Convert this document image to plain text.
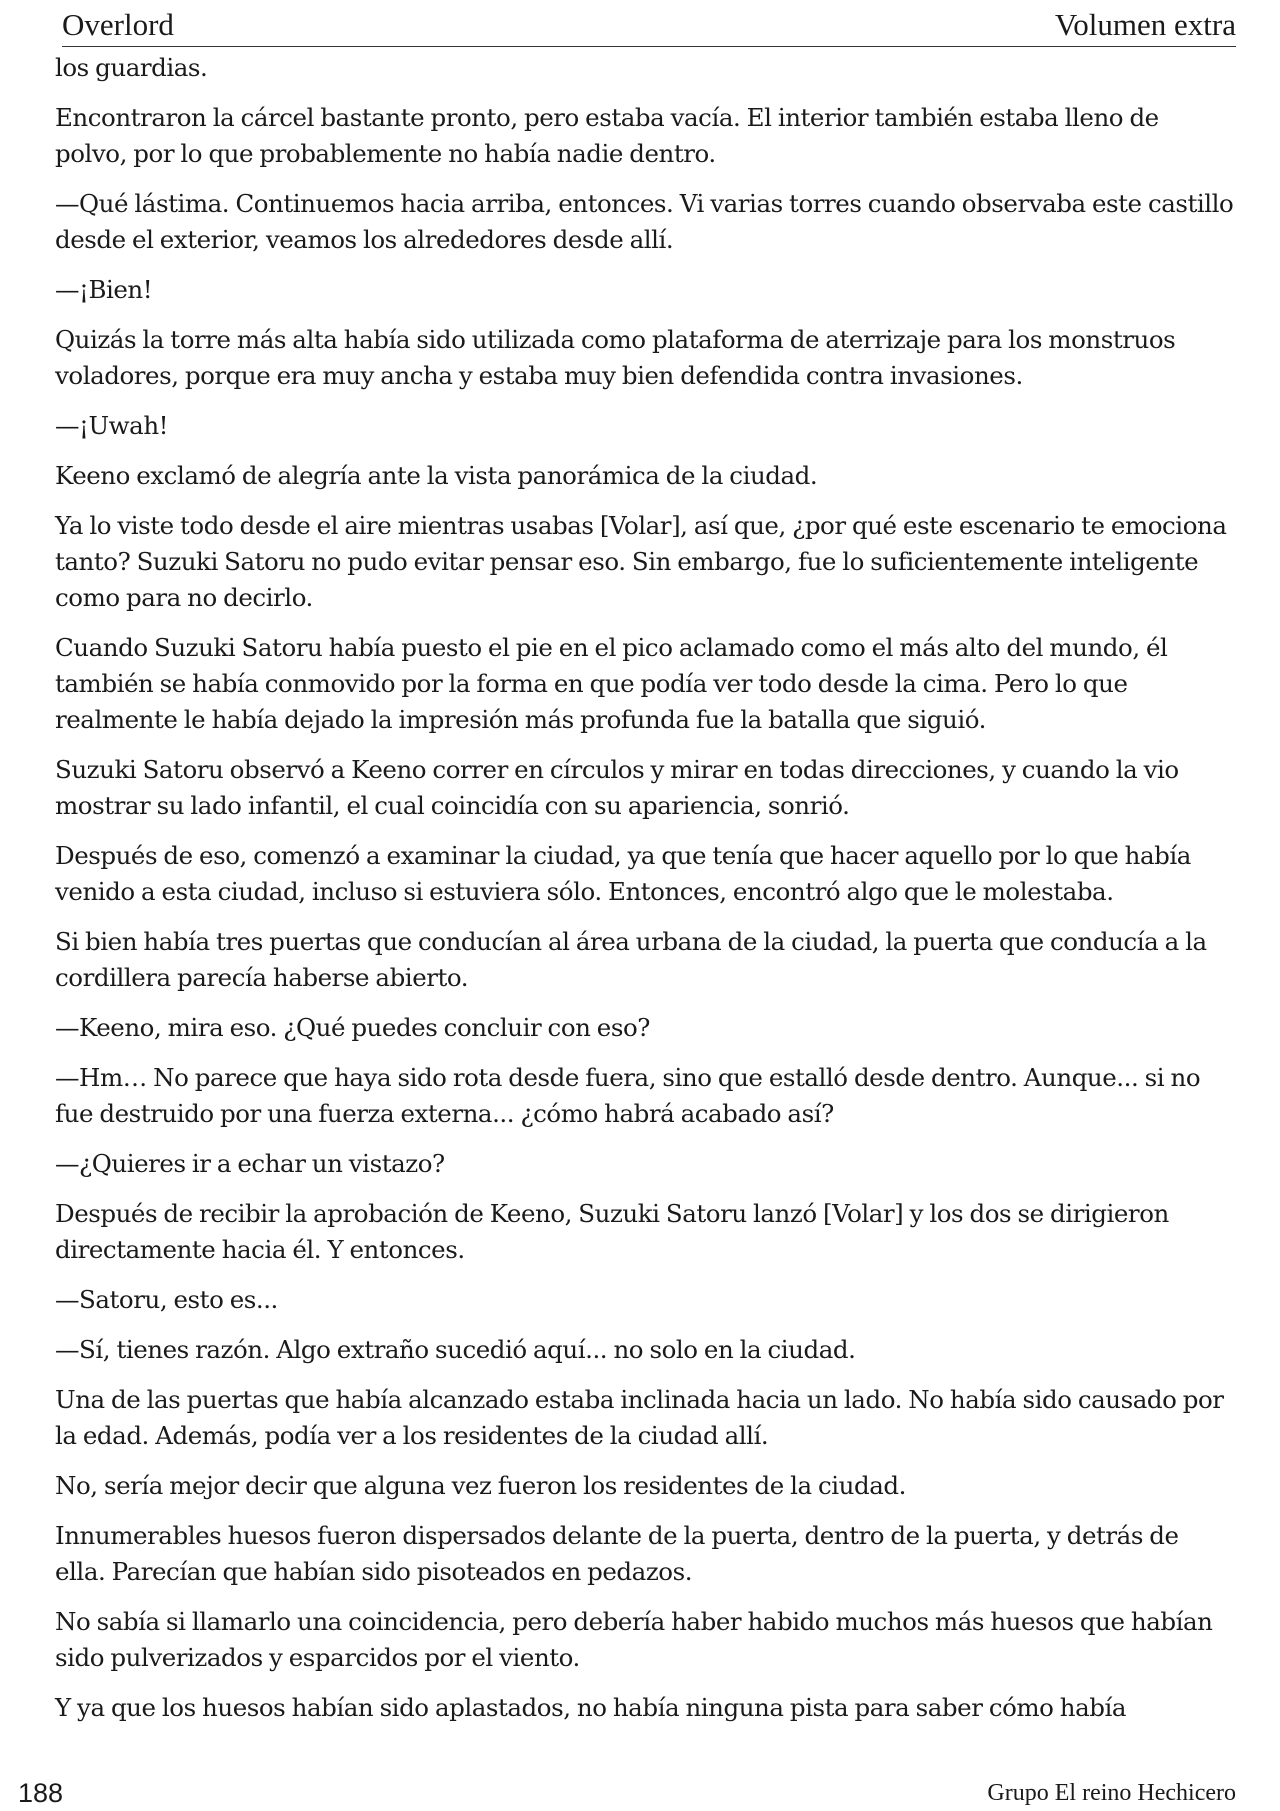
Overlord	Volumen extra

los guardias.

Encontraron la cárcel bastante pronto, pero estaba vacía. El interior también estaba lleno de polvo, por lo que probablemente no había nadie dentro.

—Qué lástima. Continuemos hacia arriba, entonces. Vi varias torres cuando observaba este castillo desde el exterior, veamos los alrededores desde allí.

—¡Bien!

Quizás la torre más alta había sido utilizada como plataforma de aterrizaje para los monstruos voladores, porque era muy ancha y estaba muy bien defendida contra invasiones.

—¡Uwah!

Keeno exclamó de alegría ante la vista panorámica de la ciudad.

Ya lo viste todo desde el aire mientras usabas [Volar], así que, ¿por qué este escenario te emociona tanto? Suzuki Satoru no pudo evitar pensar eso. Sin embargo, fue lo suficientemente inteligente como para no decirlo.

Cuando Suzuki Satoru había puesto el pie en el pico aclamado como el más alto del mundo, él también se había conmovido por la forma en que podía ver todo desde la cima. Pero lo que realmente le había dejado la impresión más profunda fue la batalla que siguió.

Suzuki Satoru observó a Keeno correr en círculos y mirar en todas direcciones, y cuando la vio mostrar su lado infantil, el cual coincidía con su apariencia, sonrió.

Después de eso, comenzó a examinar la ciudad, ya que tenía que hacer aquello por lo que había venido a esta ciudad, incluso si estuviera sólo. Entonces, encontró algo que le molestaba.

Si bien había tres puertas que conducían al área urbana de la ciudad, la puerta que conducía a la cordillera parecía haberse abierto.

—Keeno, mira eso. ¿Qué puedes concluir con eso?

—Hm… No parece que haya sido rota desde fuera, sino que estalló desde dentro. Aunque... si no fue destruido por una fuerza externa... ¿cómo habrá acabado así?

—¿Quieres ir a echar un vistazo?

Después de recibir la aprobación de Keeno, Suzuki Satoru lanzó [Volar] y los dos se dirigieron directamente hacia él. Y entonces.

—Satoru, esto es...

—Sí, tienes razón. Algo extraño sucedió aquí... no solo en la ciudad.

Una de las puertas que había alcanzado estaba inclinada hacia un lado. No había sido causado por la edad. Además, podía ver a los residentes de la ciudad allí.

No, sería mejor decir que alguna vez fueron los residentes de la ciudad.

Innumerables huesos fueron dispersados delante de la puerta, dentro de la puerta, y detrás de ella. Parecían que habían sido pisoteados en pedazos.

No sabía si llamarlo una coincidencia, pero debería haber habido muchos más huesos que habían sido pulverizados y esparcidos por el viento.

Y ya que los huesos habían sido aplastados, no había ninguna pista para saber cómo había

188	Grupo El reino Hechicero
